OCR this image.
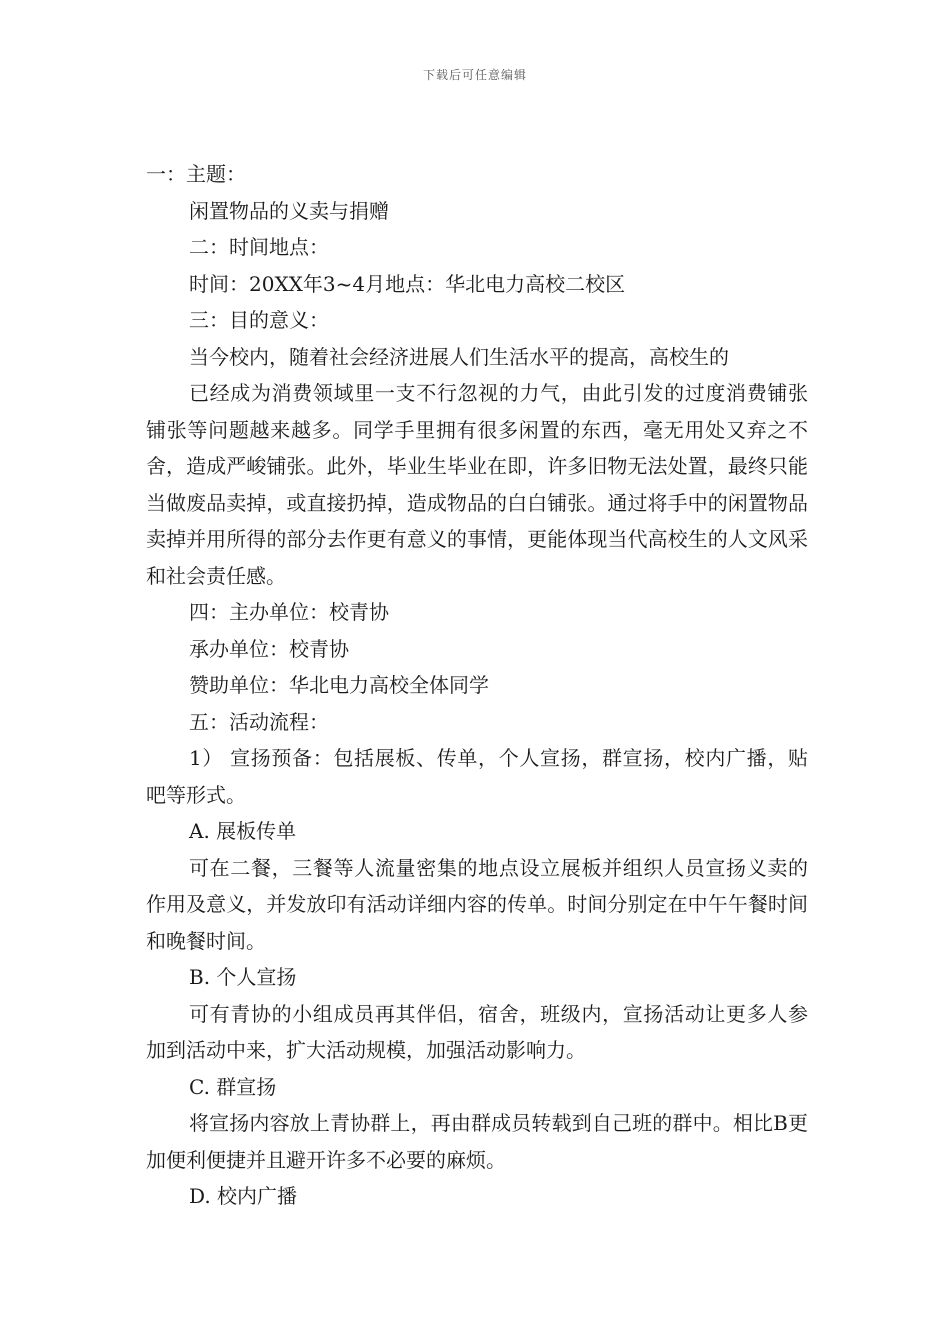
下载后可任意编辑

一：主题：

闲置物品的义卖与捐赠

二：时间地点：

时间：20XX年3~4月地点：华北电力高校二校区

三：目的意义：

当今校内，随着社会经济进展人们生活水平的提高，高校生的

已经成为消费领域里一支不行忽视的力气，由此引发的过度消费铺张铺张等问题越来越多。同学手里拥有很多闲置的东西，毫无用处又弃之不舍，造成严峻铺张。此外，毕业生毕业在即，许多旧物无法处置，最终只能当做废品卖掉，或直接扔掉，造成物品的白白铺张。通过将手中的闲置物品卖掉并用所得的部分去作更有意义的事情，更能体现当代高校生的人文风采和社会责任感。

四：主办单位：校青协

承办单位：校青协

赞助单位：华北电力高校全体同学

五：活动流程：

1） 宣扬预备：包括展板、传单，个人宣扬，群宣扬，校内广播，贴吧等形式。

A. 展板传单

可在二餐，三餐等人流量密集的地点设立展板并组织人员宣扬义卖的作用及意义，并发放印有活动详细内容的传单。时间分别定在中午午餐时间和晚餐时间。

B. 个人宣扬

可有青协的小组成员再其伴侣，宿舍，班级内，宣扬活动让更多人参加到活动中来，扩大活动规模，加强活动影响力。

C. 群宣扬

将宣扬内容放上青协群上，再由群成员转载到自己班的群中。相比B更加便利便捷并且避开许多不必要的麻烦。

D. 校内广播
